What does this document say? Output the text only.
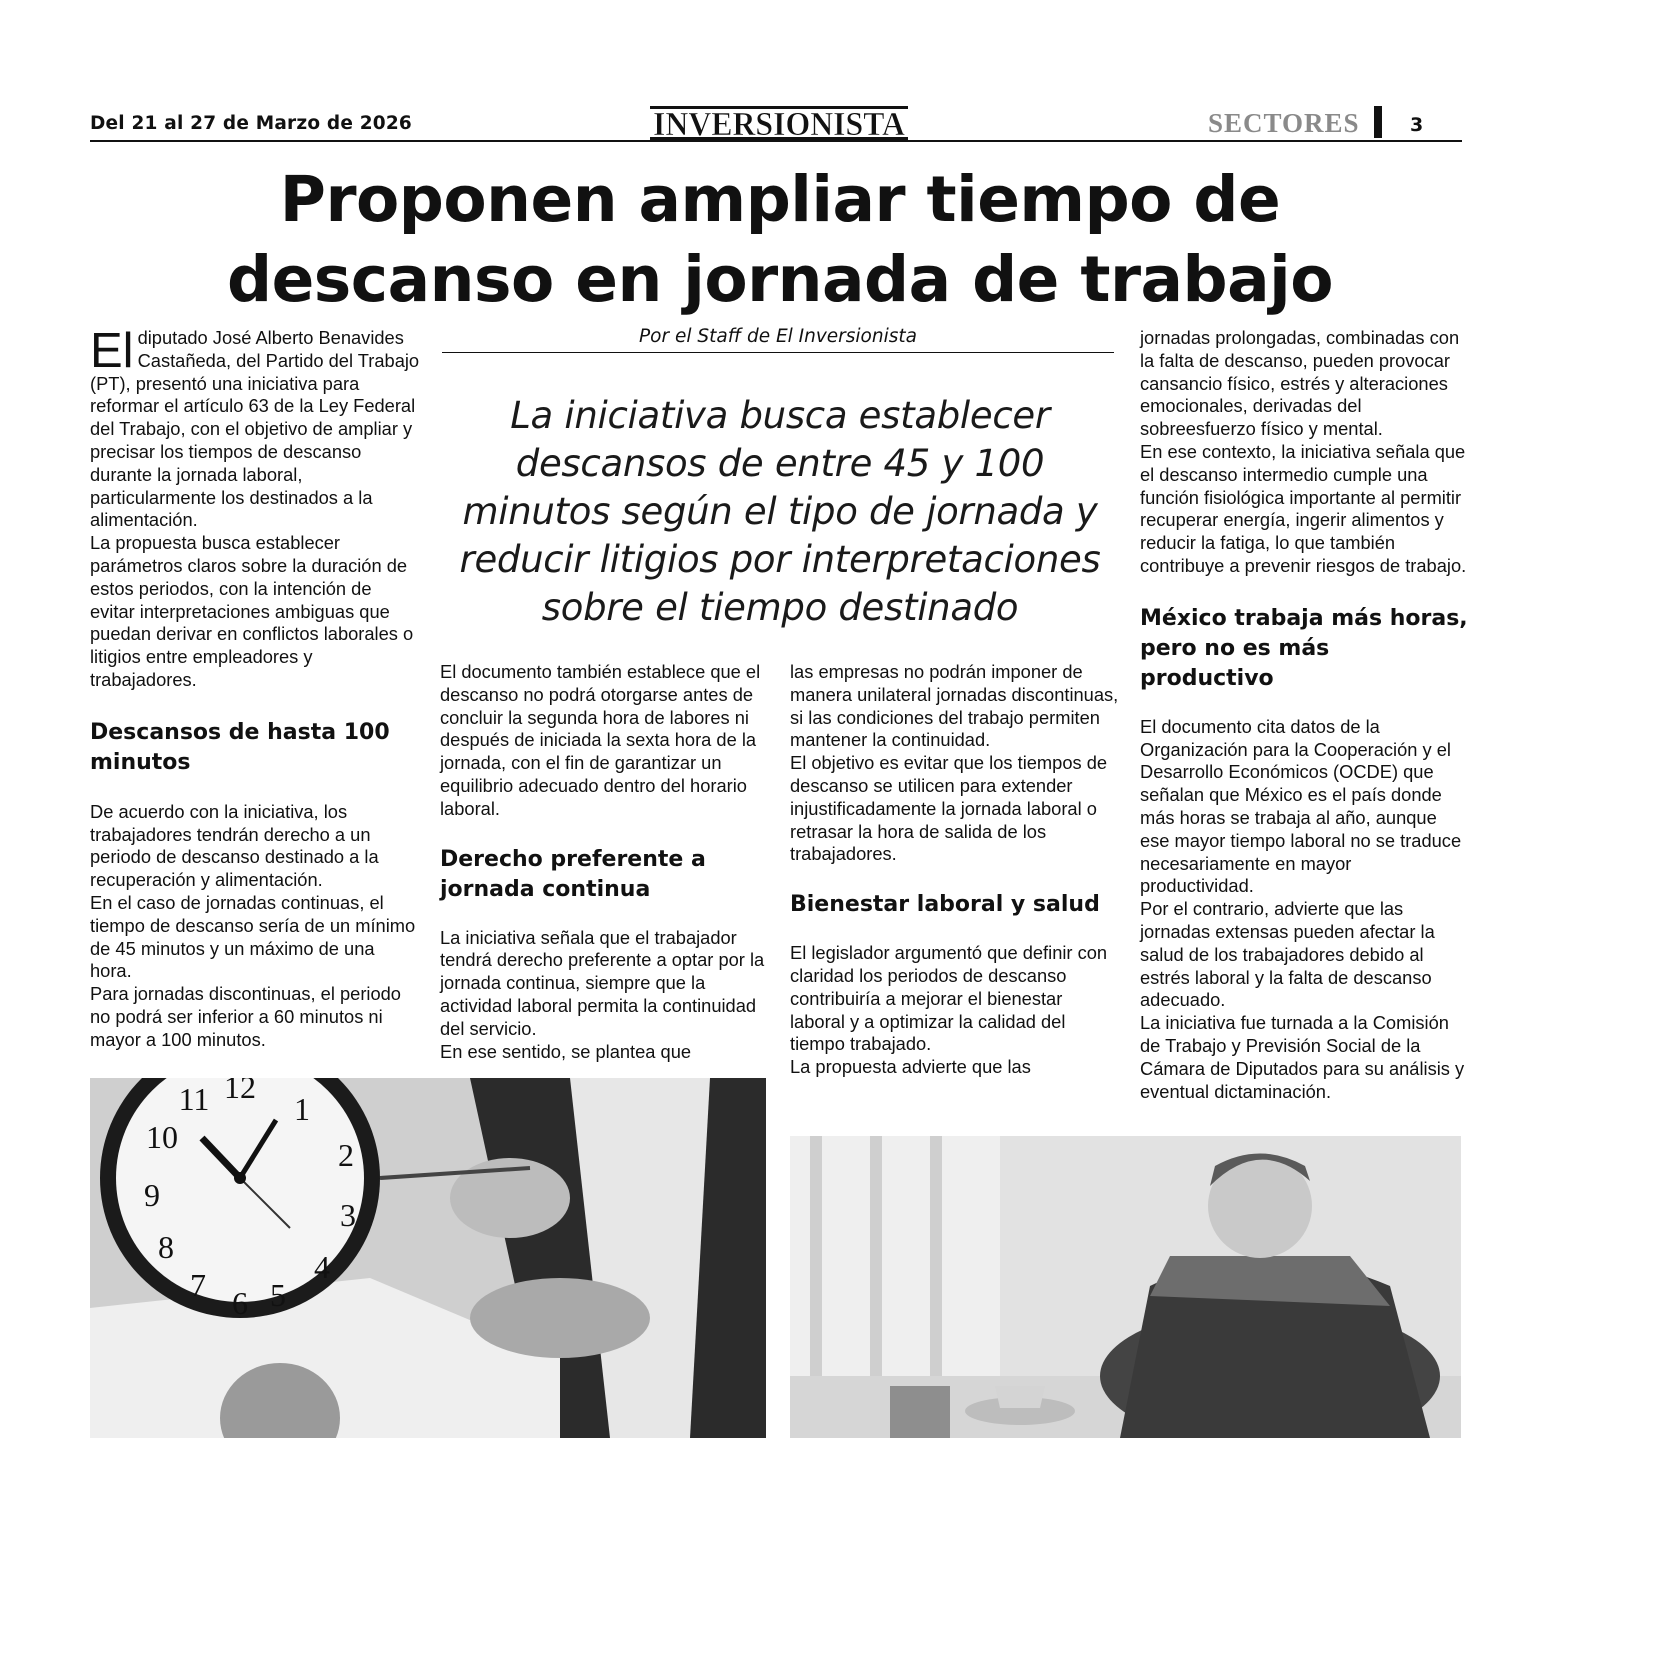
Del 21 al 27 de Marzo de 2026	INVERSIONISTA	SECTORES	3
Proponen ampliar tiempo de
descanso en jornada de trabajo
Por el Staff de El Inversionista
La iniciativa busca establecer descansos de entre 45 y 100 minutos según el tipo de jornada y reducir litigios por interpretaciones sobre el tiempo destinado

El diputado José Alberto Benavides Castañeda, del Partido del Trabajo (PT), presentó una iniciativa para reformar el artículo 63 de la Ley Federal del Trabajo, con el objetivo de ampliar y precisar los tiempos de descanso durante la jornada laboral, particularmente los destinados a la alimentación.

La propuesta busca establecer parámetros claros sobre la duración de estos periodos, con la intención de evitar interpretaciones ambiguas que puedan derivar en conflictos laborales o litigios entre empleadores y trabajadores.

Descansos de hasta 100 minutos

De acuerdo con la iniciativa, los trabajadores tendrán derecho a un periodo de descanso destinado a la recuperación y alimentación.

En el caso de jornadas continuas, el tiempo de descanso sería de un mínimo de 45 minutos y un máximo de una hora.

Para jornadas discontinuas, el periodo no podrá ser inferior a 60 minutos ni mayor a 100 minutos.

El documento también establece que el descanso no podrá otorgarse antes de concluir la segunda hora de labores ni después de iniciada la sexta hora de la jornada, con el fin de garantizar un equilibrio adecuado dentro del horario laboral.

Derecho preferente a jornada continua

La iniciativa señala que el trabajador tendrá derecho preferente a optar por la jornada continua, siempre que la actividad laboral permita la continuidad del servicio.

En ese sentido, se plantea que

las empresas no podrán imponer de manera unilateral jornadas discontinuas, si las condiciones del trabajo permiten mantener la continuidad.

El objetivo es evitar que los tiempos de descanso se utilicen para extender injustificadamente la jornada laboral o retrasar la hora de salida de los trabajadores.

Bienestar laboral y salud

El legislador argumentó que definir con claridad los periodos de descanso contribuiría a mejorar el bienestar laboral y a optimizar la calidad del tiempo trabajado.

La propuesta advierte que las

jornadas prolongadas, combinadas con la falta de descanso, pueden provocar cansancio físico, estrés y alteraciones emocionales, derivadas del sobreesfuerzo físico y mental.

En ese contexto, la iniciativa señala que el descanso intermedio cumple una función fisiológica importante al permitir recuperar energía, ingerir alimentos y reducir la fatiga, lo que también contribuye a prevenir riesgos de trabajo.

México trabaja más horas, pero no es más productivo

El documento cita datos de la Organización para la Cooperación y el Desarrollo Económicos (OCDE) que señalan que México es el país donde más horas se trabaja al año, aunque ese mayor tiempo laboral no se traduce necesariamente en mayor productividad.

Por el contrario, advierte que las jornadas extensas pueden afectar la salud de los trabajadores debido al estrés laboral y la falta de descanso adecuado.

La iniciativa fue turnada a la Comisión de Trabajo y Previsión Social de la Cámara de Diputados para su análisis y eventual dictaminación.

12
1
2
3
4
5
6
7
8
9
10
11
